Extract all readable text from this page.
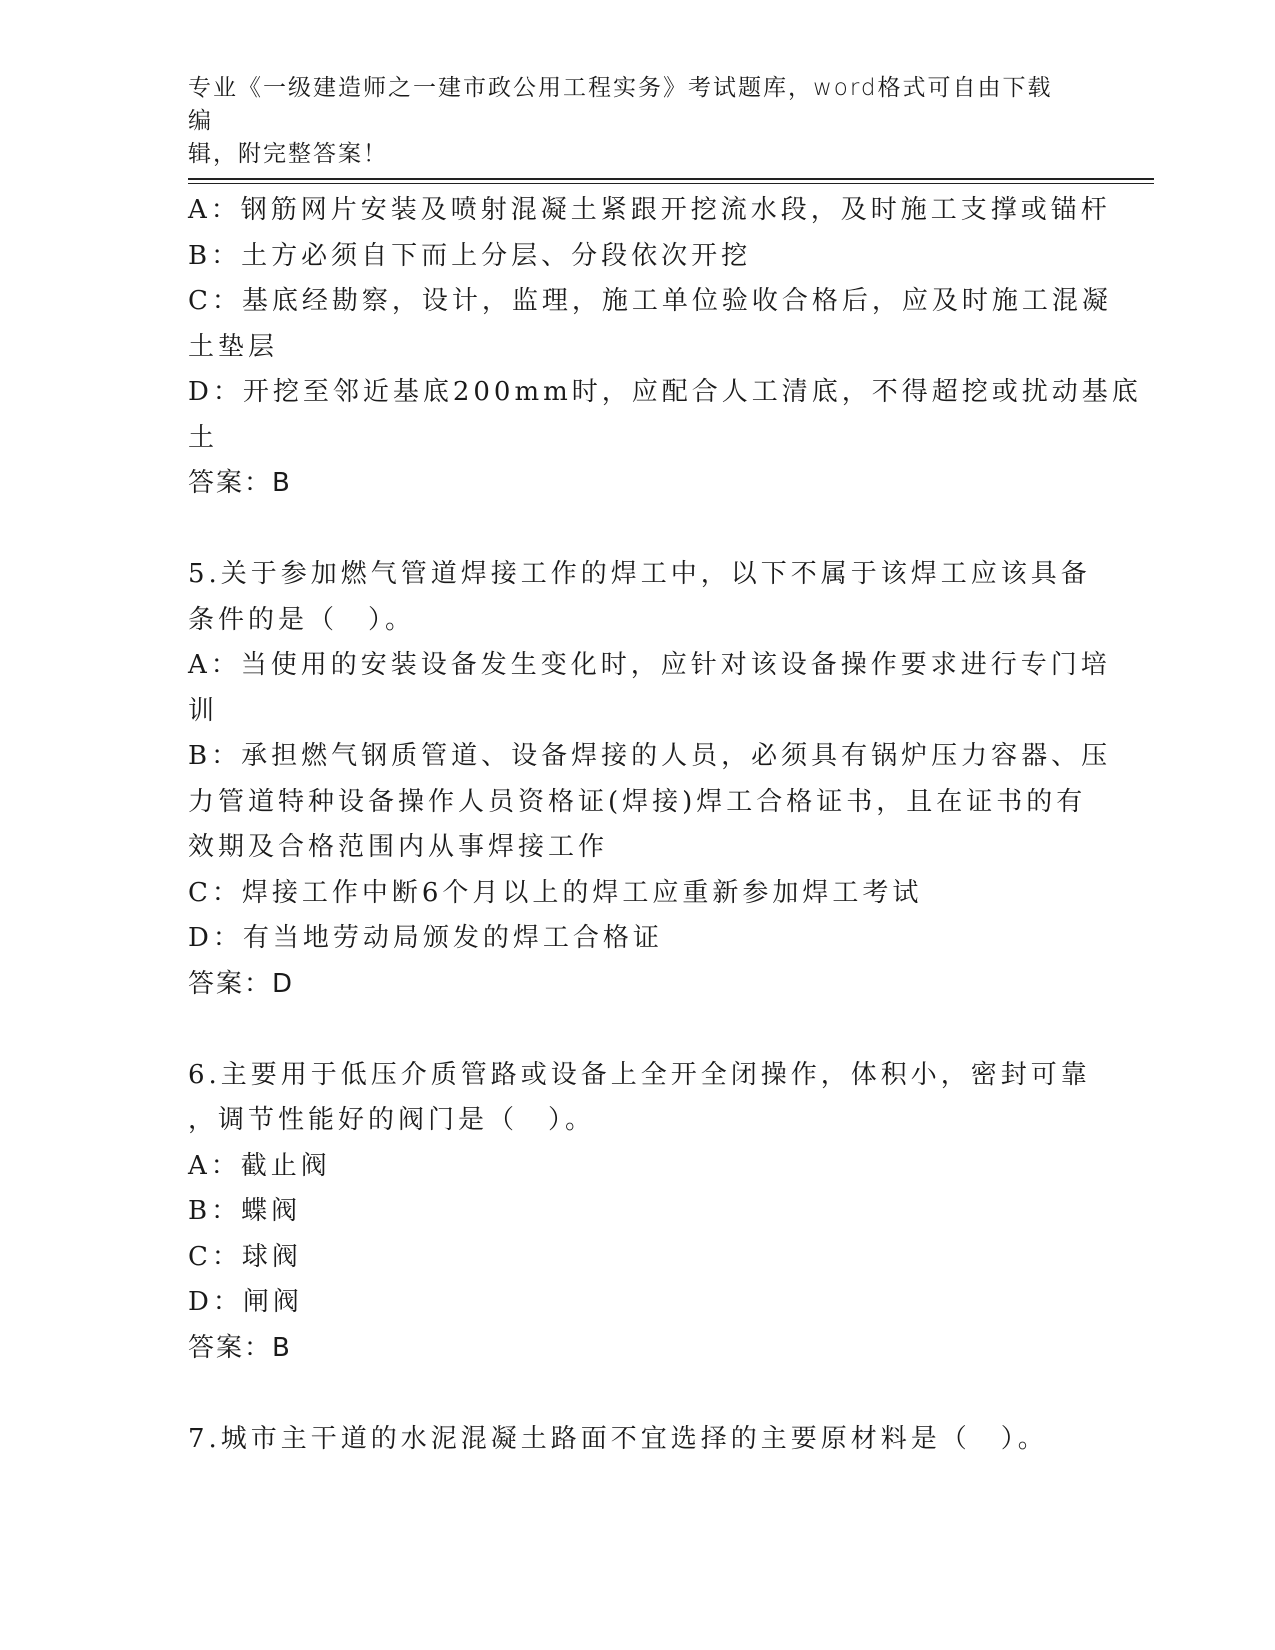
专业《一级建造师之一建市政公用工程实务》考试题库，word格式可自由下载编
辑，附完整答案！
A：钢筋网片安装及喷射混凝土紧跟开挖流水段，及时施工支撑或锚杆
B：土方必须自下而上分层、分段依次开挖
C：基底经勘察，设计，监理，施工单位验收合格后，应及时施工混凝
土垫层
D：开挖至邻近基底200mm时，应配合人工清底，不得超挖或扰动基底
土
答案：B
5.关于参加燃气管道焊接工作的焊工中，以下不属于该焊工应该具备
条件的是（　）。
A：当使用的安装设备发生变化时，应针对该设备操作要求进行专门培
训
B：承担燃气钢质管道、设备焊接的人员，必须具有锅炉压力容器、压
力管道特种设备操作人员资格证(焊接)焊工合格证书，且在证书的有
效期及合格范围内从事焊接工作
C：焊接工作中断6个月以上的焊工应重新参加焊工考试
D：有当地劳动局颁发的焊工合格证
答案：D
6.主要用于低压介质管路或设备上全开全闭操作，体积小，密封可靠
，调节性能好的阀门是（　）。
A：截止阀
B：蝶阀
C：球阀
D：闸阀
答案：B
7.城市主干道的水泥混凝土路面不宜选择的主要原材料是（　）。
